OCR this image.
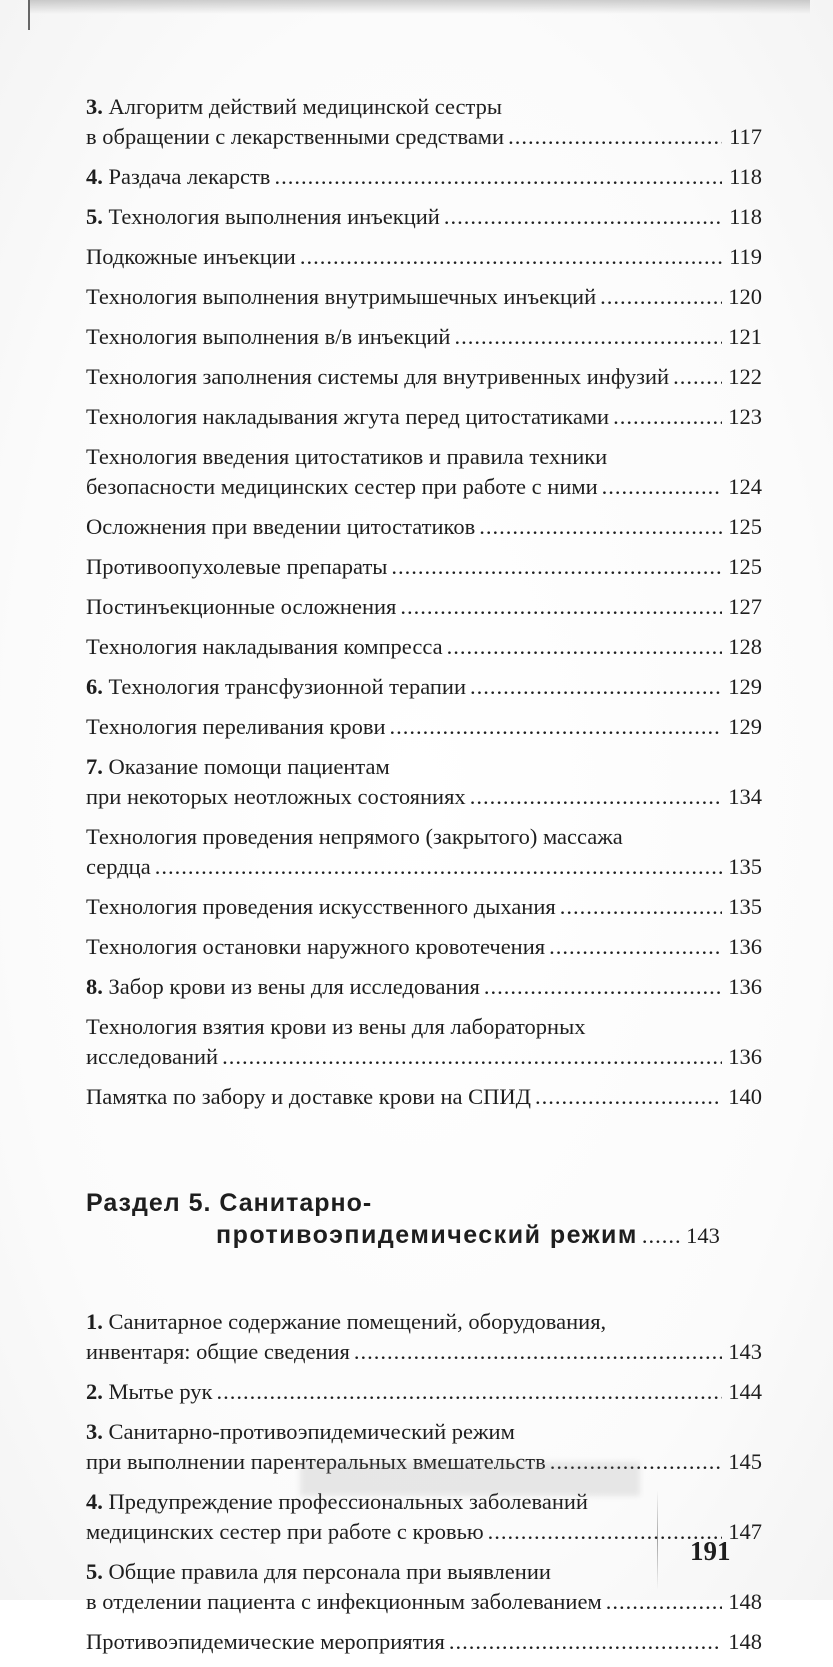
3. Алгоритм действий медицинской сестры
в обращении с лекарственными средствами .....	117
4. Раздача лекарств .....	118
5. Технология выполнения инъекций .....	118
Подкожные инъекции .....	119
Технология выполнения внутримышечных инъекций .....	120
Технология выполнения в/в инъекций .....	121
Технология заполнения системы для внутривенных инфузий .....	122
Технология накладывания жгута перед цитостатиками .....	123
Технология введения цитостатиков и правила техники
безопасности медицинских сестер при работе с ними .....	124
Осложнения при введении цитостатиков .....	125
Противоопухолевые препараты .....	125
Постинъекционные осложнения .....	127
Технология накладывания компресса .....	128
6. Технология трансфузионной терапии .....	129
Технология переливания крови .....	129
7. Оказание помощи пациентам
при некоторых неотложных состояниях .....	134
Технология проведения непрямого (закрытого) массажа
сердца .....	135
Технология проведения искусственного дыхания .....	135
Технология остановки наружного кровотечения .....	136
8. Забор крови из вены для исследования .....	136
Технология взятия крови из вены для лабораторных
исследований .....	136
Памятка по забору и доставке крови на СПИД .....	140
Раздел 5. Санитарно-
противоэпидемический режим ..... 143
1. Санитарное содержание помещений, оборудования,
инвентаря: общие сведения .....	143
2. Мытье рук .....	144
3. Санитарно-противоэпидемический режим
при выполнении парентеральных вмешательств .....	145
4. Предупреждение профессиональных заболеваний
медицинских сестер при работе с кровью .....	147
5. Общие правила для персонала при выявлении
в отделении пациента с инфекционным заболеванием .....	148
Противоэпидемические мероприятия .....	148
191
